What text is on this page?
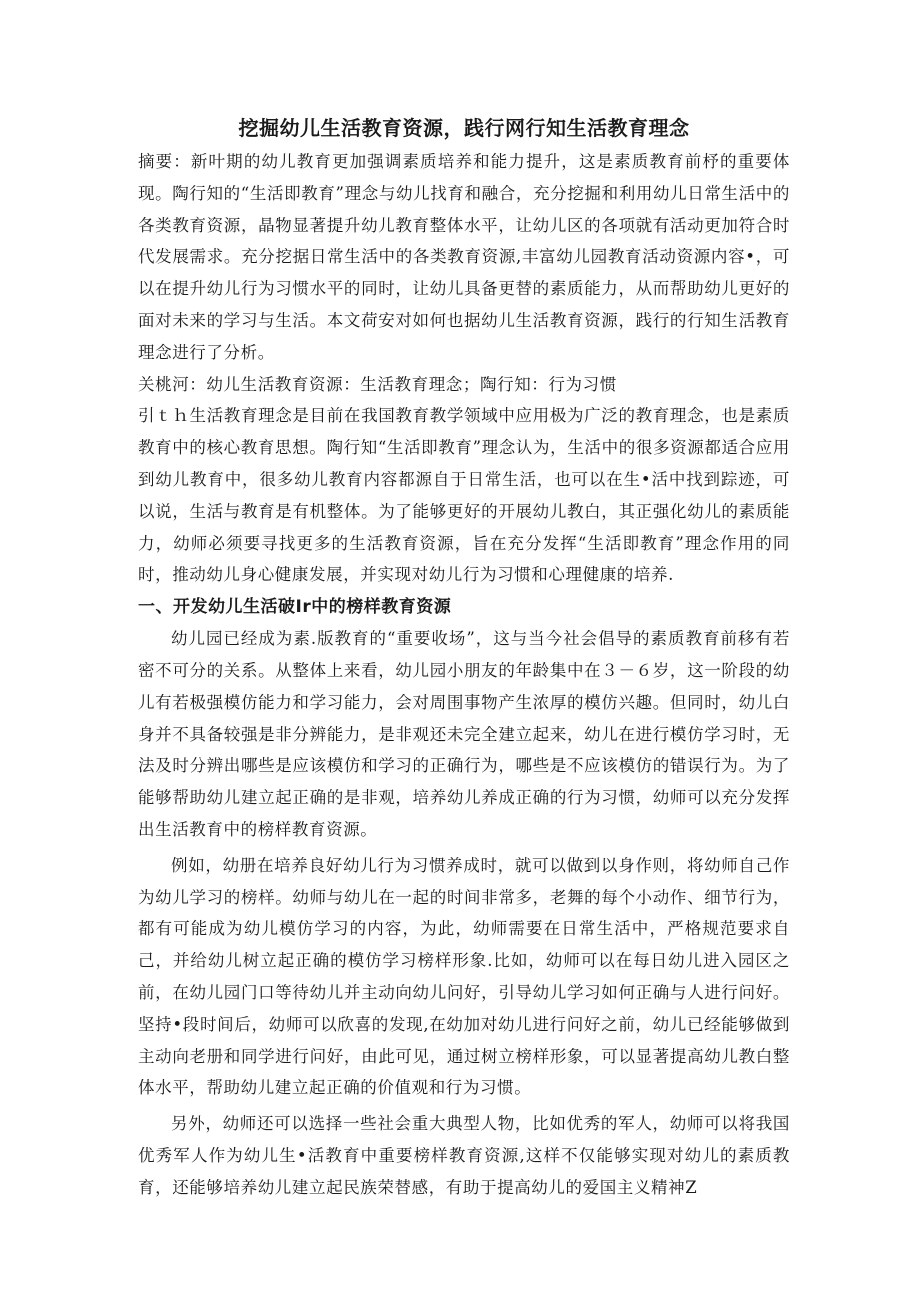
挖掘幼儿生活教育资源，践行网行知生活教育理念

摘要：新叶期的幼儿教育更加强调素质培养和能力提升，这是素质教育前杼的重要体现。陶行知的“生活即教育”理念与幼儿找育和融合，充分挖掘和利用幼儿日常生活中的各类教育资源，晶物显著提升幼儿教育整体水平，让幼儿区的各项就有活动更加符合时代发展需求。充分挖据日常生活中的各类教育资源,丰富幼儿园教育活动资源内容•，可以在提升幼儿行为习惯水平的同时，让幼儿具备更替的素质能力，从而帮助幼儿更好的面对未来的学习与生活。本文荷安对如何也据幼儿生活教育资源，践行的行知生活教育理念进行了分析。

关桃河：幼儿生活教育资源：生活教育理念；陶行知：行为习惯

引ｔｈ生活教育理念是目前在我国教育教学领域中应用极为广泛的教育理念，也是素质教育中的核心教育思想。陶行知“生活即教育”理念认为，生活中的很多资源都适合应用到幼儿教育中，很多幼儿教育内容都源自于日常生活，也可以在生•活中找到踪迹，可以说，生活与教育是有机整体。为了能够更好的开展幼儿教白，其正强化幼儿的素质能力，幼师必须要寻找更多的生活教育资源，旨在充分发挥“生活即教育”理念作用的同时，推动幼儿身心健康发展，并实现对幼儿行为习惯和心理健康的培养.

一、开发幼儿生活破Ir中的榜样教育资源

幼儿园已经成为素.版教育的“重要收场”，这与当今社会倡导的素质教育前移有若密不可分的关系。从整体上来看，幼儿园小朋友的年龄集中在３－６岁，这一阶段的幼儿有若极强模仿能力和学习能力，会对周围事物产生浓厚的模仿兴趣。但同时，幼儿白身并不具备较强是非分辨能力，是非观还未完全建立起来，幼儿在进行模仿学习时，无法及时分辨出哪些是应该模仿和学习的正确行为，哪些是不应该模仿的错误行为。为了能够帮助幼儿建立起正确的是非观，培养幼儿养成正确的行为习惯，幼师可以充分发挥出生活教育中的榜样教育资源。

例如，幼册在培养良好幼儿行为习惯养成时，就可以做到以身作则，将幼师自己作为幼儿学习的榜样。幼师与幼儿在一起的时间非常多，老舞的每个小动作、细节行为，都有可能成为幼儿模仿学习的内容，为此，幼师需要在日常生活中，严格规范要求自己，并给幼儿树立起正确的模仿学习榜样形象.比如，幼师可以在每日幼儿进入园区之前，在幼儿园门口等待幼儿并主动向幼儿问好，引导幼儿学习如何正确与人进行问好。坚持•段时间后，幼师可以欣喜的发现,在幼加对幼儿进行问好之前，幼儿已经能够做到主动向老册和同学进行问好，由此可见，通过树立榜样形象，可以显著提高幼儿教白整体水平，帮助幼儿建立起正确的价值观和行为习惯。

另外，幼师还可以选择一些社会重大典型人物，比如优秀的军人，幼师可以将我国优秀军人作为幼儿生•活教育中重要榜样教育资源,这样不仅能够实现对幼儿的素质教育，还能够培养幼儿建立起民族荣替感，有助于提高幼儿的爱国主义精神Z
